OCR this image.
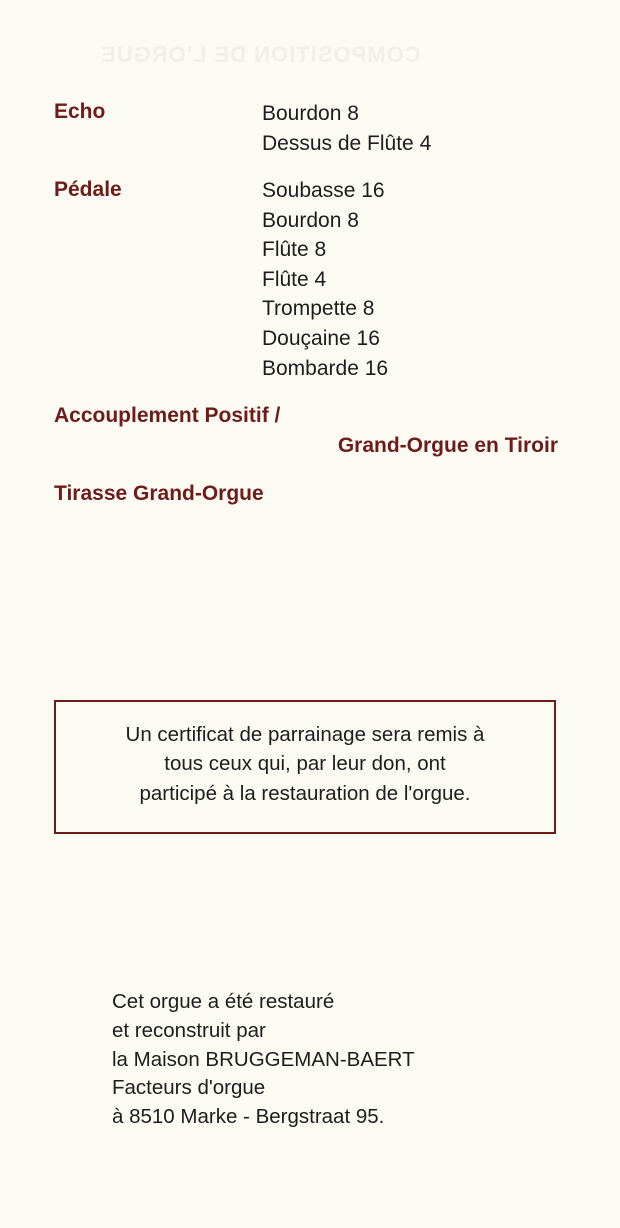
COMPOSITION DE L'ORGUE
Echo	Bourdon 8
Dessus de Flûte 4
Pédale	Soubasse 16
Bourdon 8
Flûte 8
Flûte 4
Trompette 8
Douçaine 16
Bombarde 16
Accouplement Positif /
Grand-Orgue en Tiroir
Tirasse Grand-Orgue
Un certificat de parrainage sera remis à
tous ceux qui, par leur don, ont
participé à la restauration de l'orgue.
Cet orgue a été restauré
et reconstruit par
la Maison BRUGGEMAN-BAERT
Facteurs d'orgue
à 8510 Marke - Bergstraat 95.
